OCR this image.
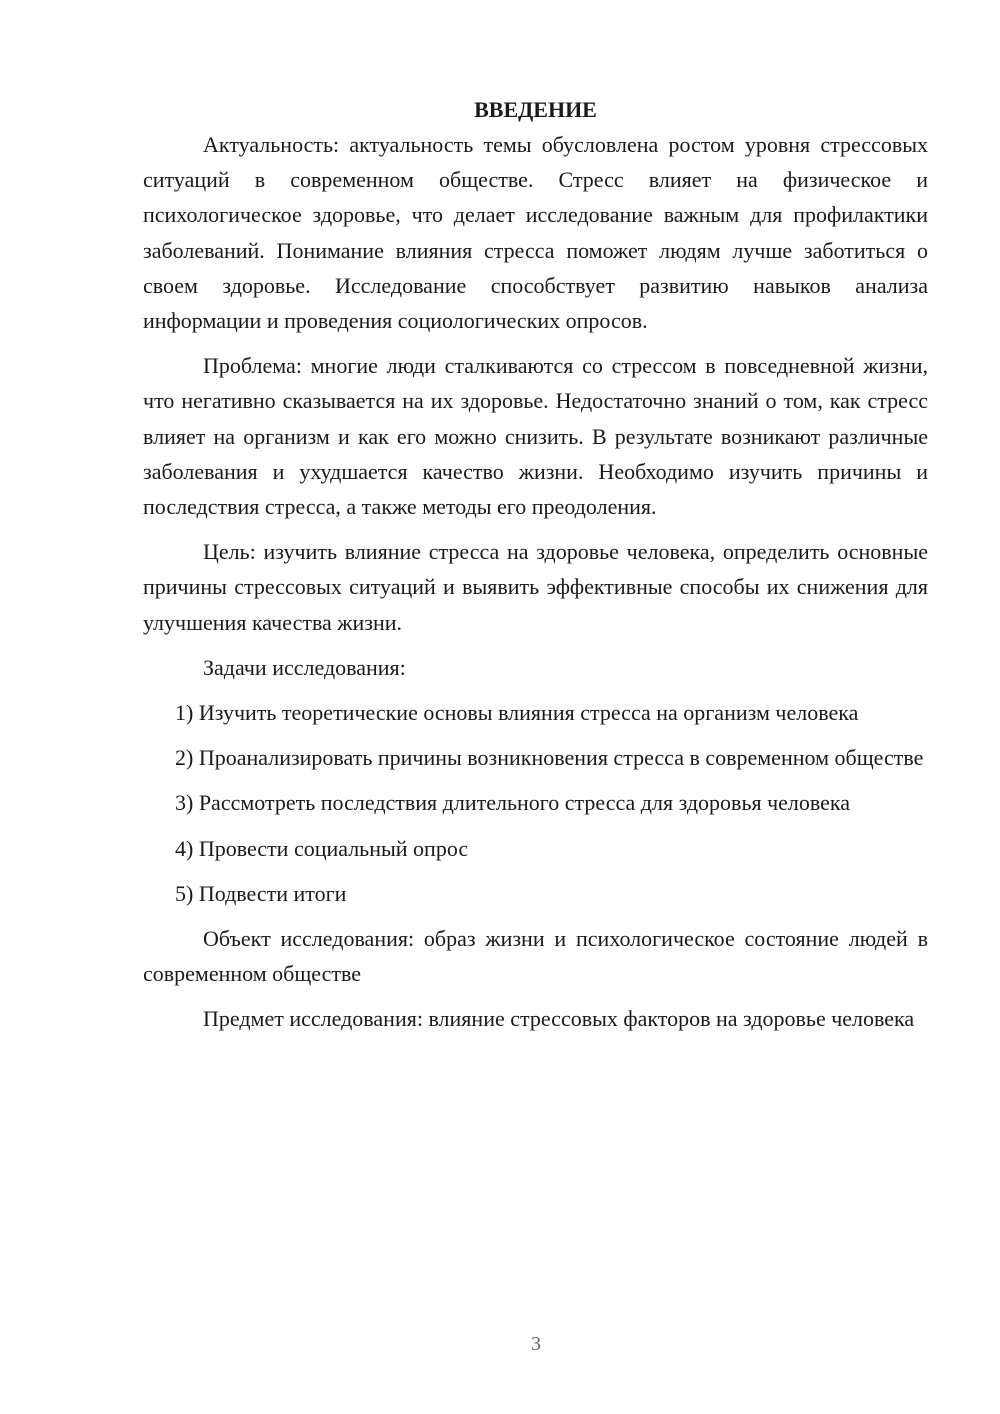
ВВЕДЕНИЕ

Актуальность: актуальность темы обусловлена ростом уровня стрессовых ситуаций в современном обществе. Стресс влияет на физическое и психологическое здоровье, что делает исследование важным для профилактики заболеваний. Понимание влияния стресса поможет людям лучше заботиться о своем здоровье. Исследование способствует развитию навыков анализа информации и проведения социологических опросов.

Проблема: многие люди сталкиваются со стрессом в повседневной жизни, что негативно сказывается на их здоровье. Недостаточно знаний о том, как стресс влияет на организм и как его можно снизить. В результате возникают различные заболевания и ухудшается качество жизни. Необходимо изучить причины и последствия стресса, а также методы его преодоления.

Цель: изучить влияние стресса на здоровье человека, определить основные причины стрессовых ситуаций и выявить эффективные способы их снижения для улучшения качества жизни.

Задачи исследования:

1) Изучить теоретические основы влияния стресса на организм человека

2) Проанализировать причины возникновения стресса в современном обществе

3) Рассмотреть последствия длительного стресса для здоровья человека

4) Провести социальный опрос

5) Подвести итоги

Объект исследования: образ жизни и психологическое состояние людей в современном обществе

Предмет исследования: влияние стрессовых факторов на здоровье человека

3
